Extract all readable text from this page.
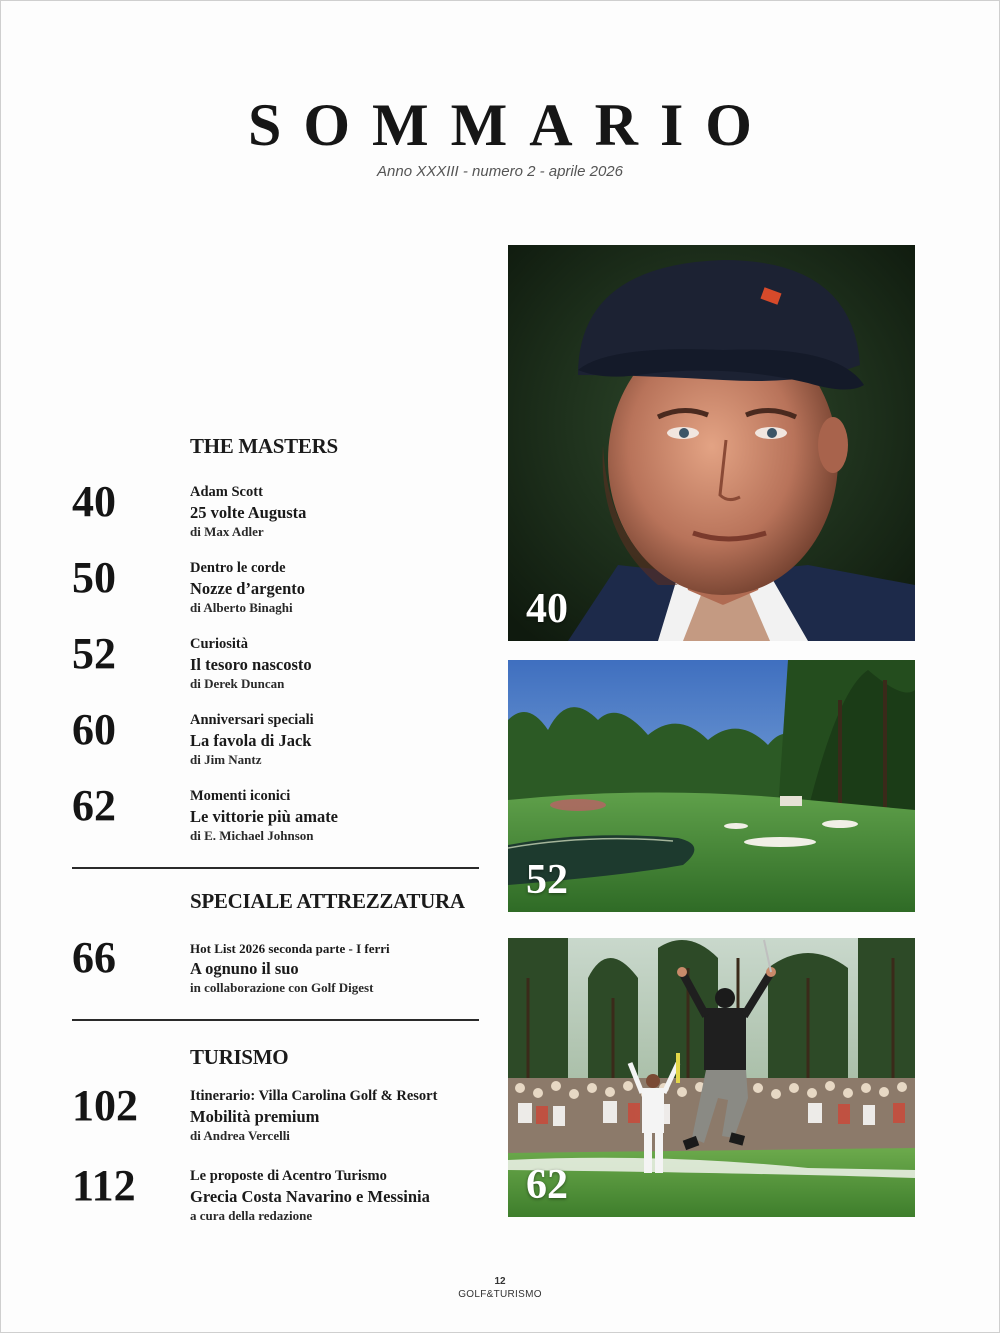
SOMMARIO
Anno XXXIII - numero 2 - aprile 2026
THE MASTERS
40	Adam Scott
25 volte Augusta
di Max Adler
50	Dentro le corde
Nozze d’argento
di Alberto Binaghi
52	Curiosità
Il tesoro nascosto
di Derek Duncan
60	Anniversari speciali
La favola di Jack
di Jim Nantz
62	Momenti iconici
Le vittorie più amate
di E. Michael Johnson
SPECIALE ATTREZZATURA
66	Hot List 2026 seconda parte - I ferri
A ognuno il suo
in collaborazione con Golf Digest
TURISMO
102	Itinerario: Villa Carolina Golf & Resort
Mobilità premium
di Andrea Vercelli
112	Le proposte di Acentro Turismo
Grecia Costa Navarino e Messinia
a cura della redazione
40
52
62
12
GOLF&TURISMO
